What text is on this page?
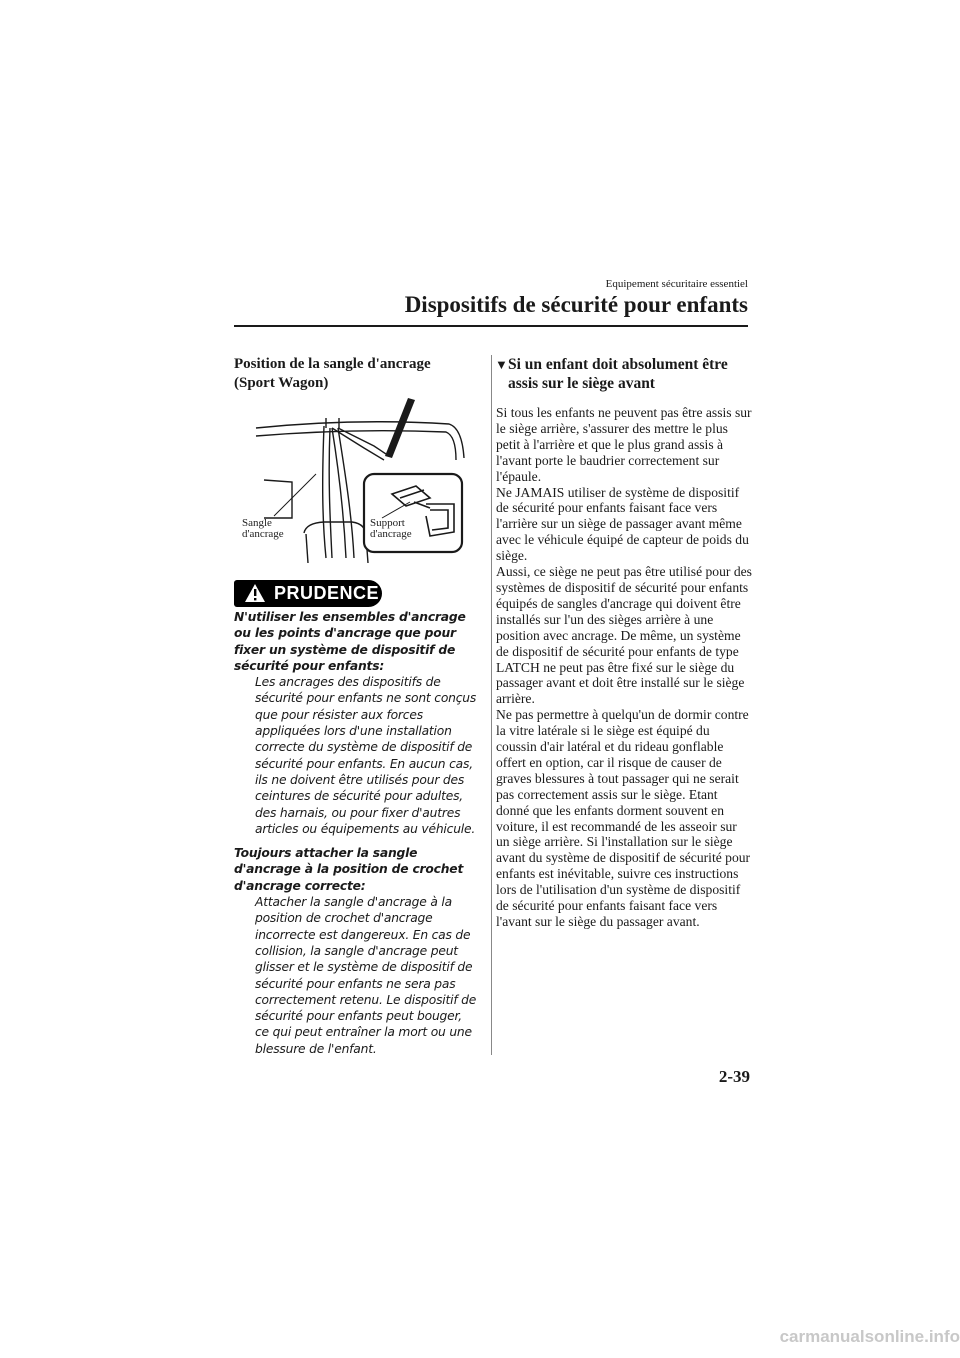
Equipement sécuritaire essentiel
Dispositifs de sécurité pour enfants
Position de la sangle d'ancrage (Sport Wagon)
Sangle
d'ancrage
Support
d'ancrage
PRUDENCE

N'utiliser les ensembles d'ancrage ou les points d'ancrage que pour fixer un système de dispositif de sécurité pour enfants:

Les ancrages des dispositifs de sécurité pour enfants ne sont conçus que pour résister aux forces appliquées lors d'une installation correcte du système de dispositif de sécurité pour enfants. En aucun cas, ils ne doivent être utilisés pour des ceintures de sécurité pour adultes, des harnais, ou pour fixer d'autres articles ou équipements au véhicule.

Toujours attacher la sangle d'ancrage à la position de crochet d'ancrage correcte:

Attacher la sangle d'ancrage à la position de crochet d'ancrage incorrecte est dangereux. En cas de collision, la sangle d'ancrage peut glisser et le système de dispositif de sécurité pour enfants ne sera pas correctement retenu. Le dispositif de sécurité pour enfants peut bouger, ce qui peut entraîner la mort ou une blessure de l'enfant.

▼ Si un enfant doit absolument être assis sur le siège avant

Si tous les enfants ne peuvent pas être assis sur le siège arrière, s'assurer des mettre le plus petit à l'arrière et que le plus grand assis à l'avant porte le baudrier correctement sur l'épaule.

Ne JAMAIS utiliser de système de dispositif de sécurité pour enfants faisant face vers l'arrière sur un siège de passager avant même avec le véhicule équipé de capteur de poids du siège.

Aussi, ce siège ne peut pas être utilisé pour des systèmes de dispositif de sécurité pour enfants équipés de sangles d'ancrage qui doivent être installés sur l'un des sièges arrière à une position avec ancrage. De même, un système de dispositif de sécurité pour enfants de type LATCH ne peut pas être fixé sur le siège du passager avant et doit être installé sur le siège arrière.

Ne pas permettre à quelqu'un de dormir contre la vitre latérale si le siège est équipé du coussin d'air latéral et du rideau gonflable offert en option, car il risque de causer de graves blessures à tout passager qui ne serait pas correctement assis sur le siège. Etant donné que les enfants dorment souvent en voiture, il est recommandé de les asseoir sur un siège arrière. Si l'installation sur le siège avant du système de dispositif de sécurité pour enfants est inévitable, suivre ces instructions lors de l'utilisation d'un système de dispositif de sécurité pour enfants faisant face vers l'avant sur le siège du passager avant.

2-39
carmanualsonline.info
